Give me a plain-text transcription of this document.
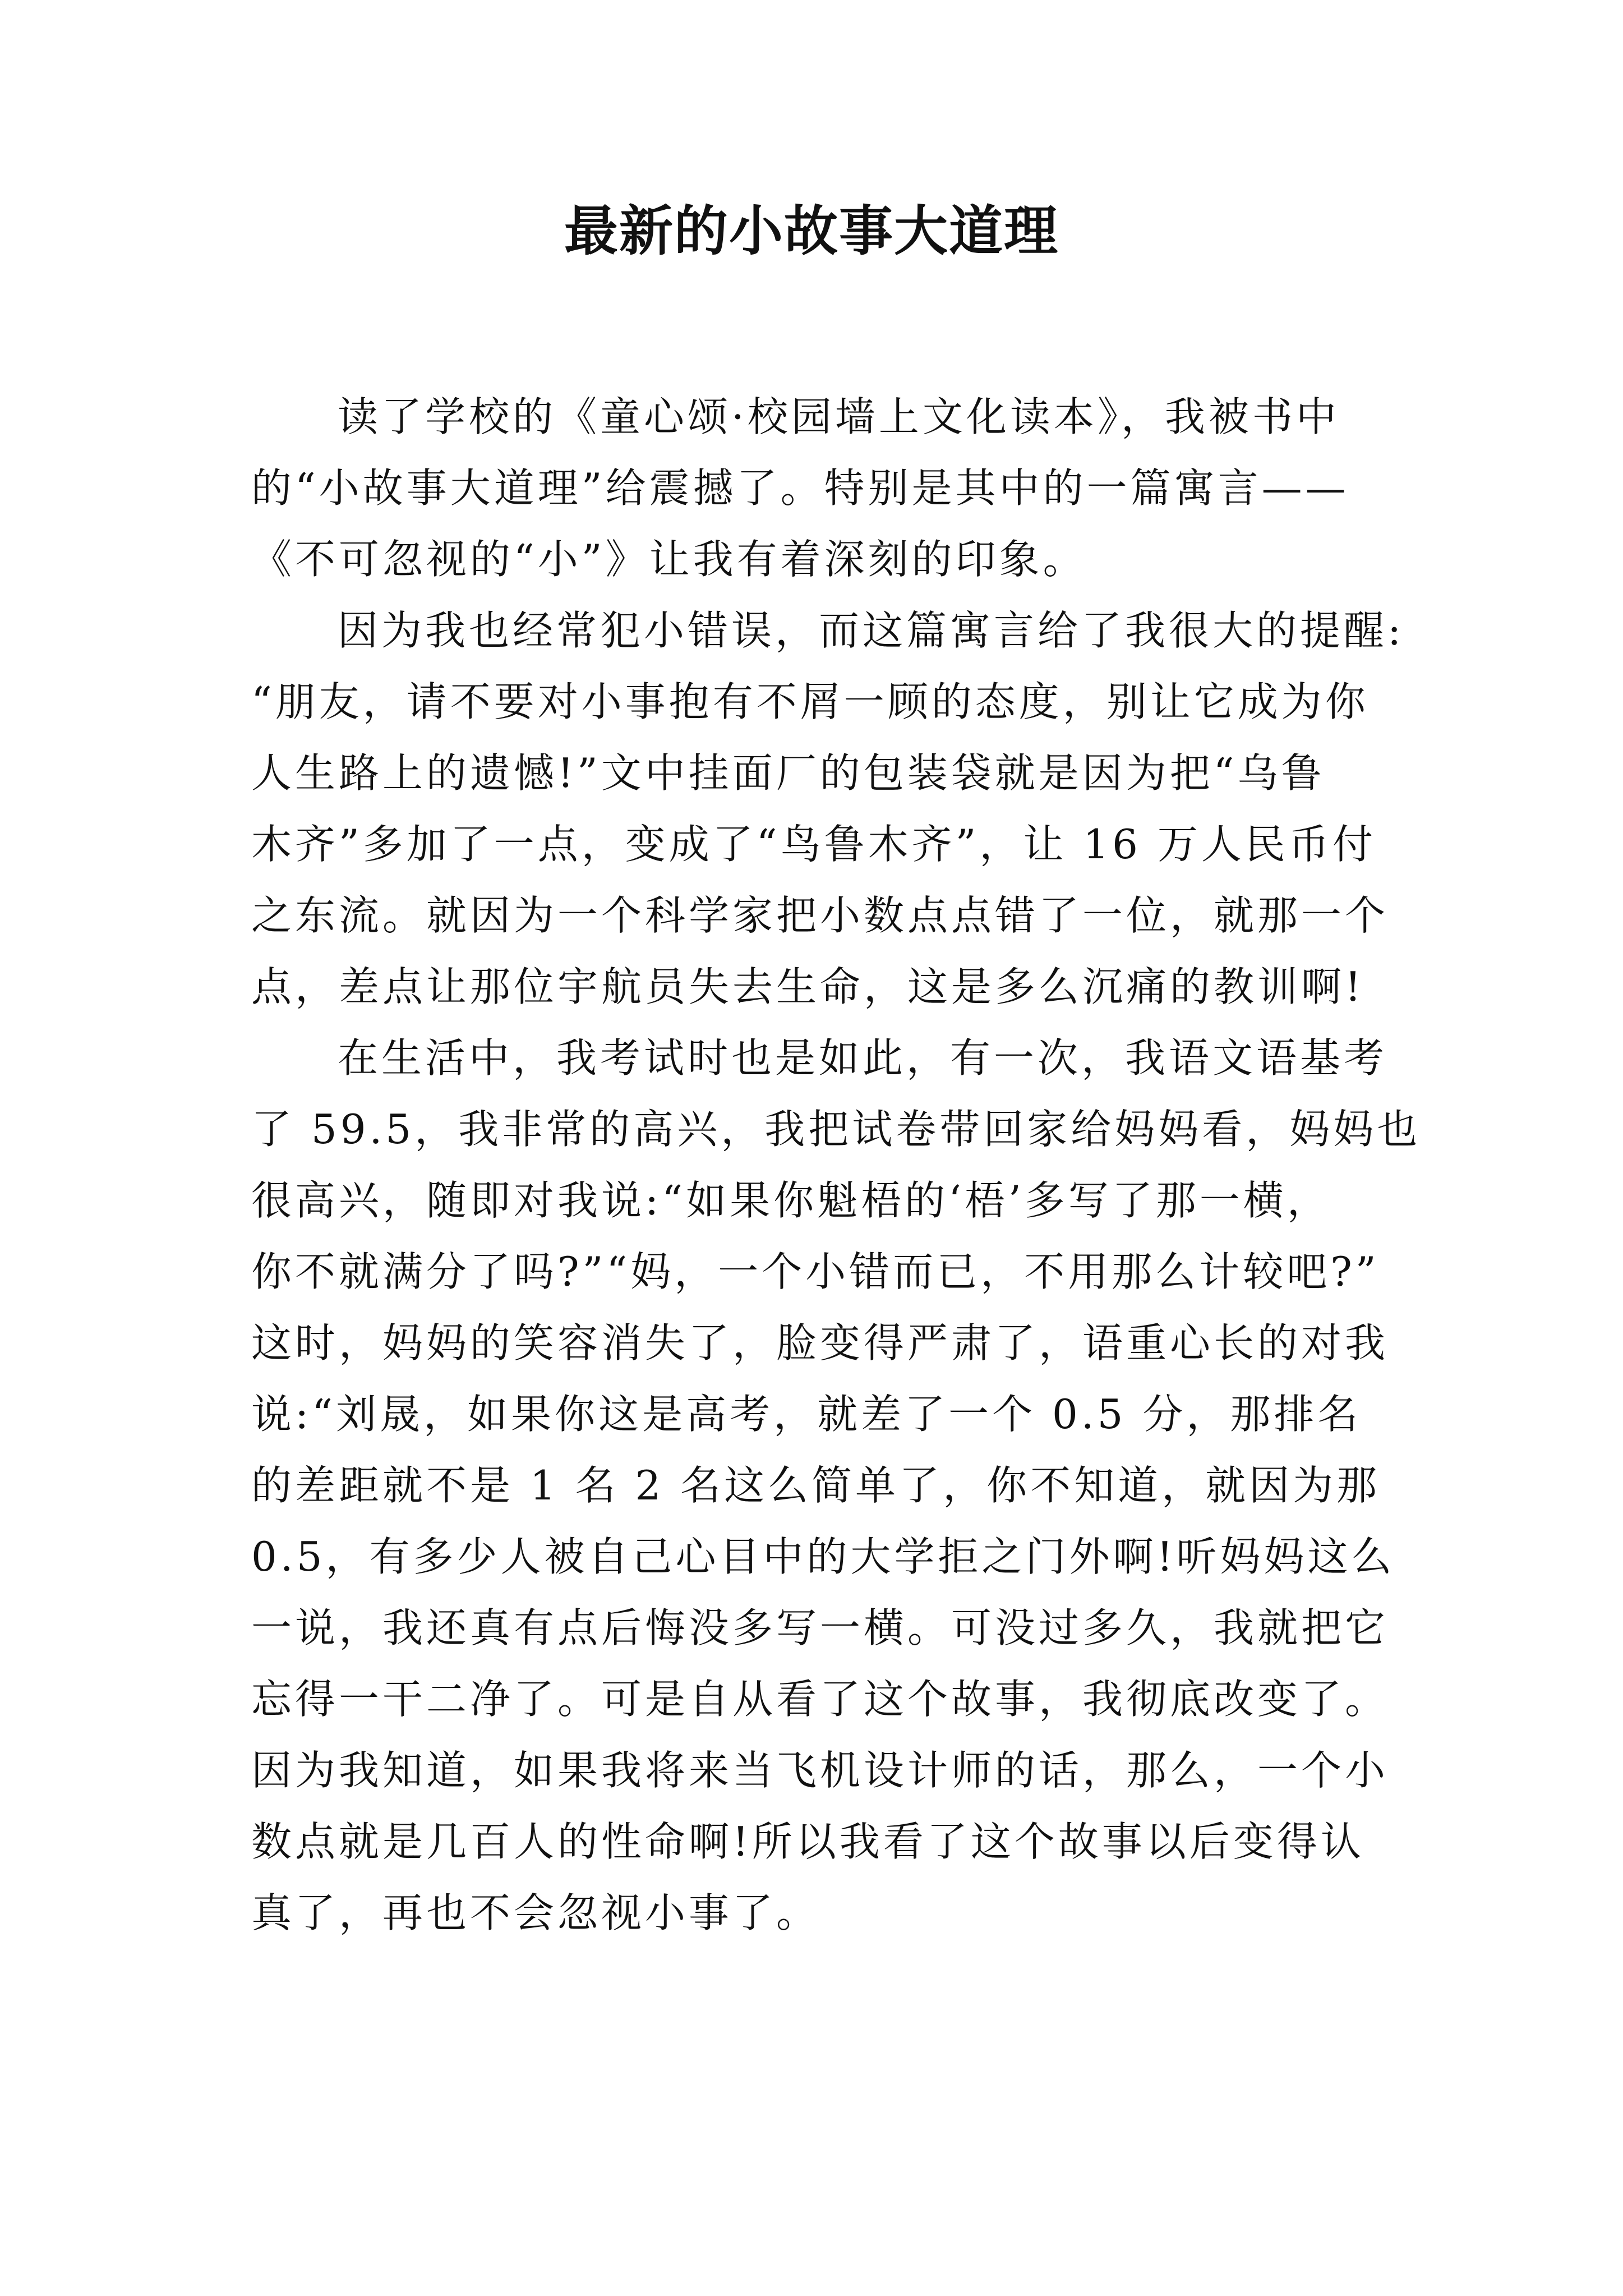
最新的小故事大道理
读了学校的《童心颂·校园墙上文化读本》，我被书中
的“小故事大道理”给震撼了。特别是其中的一篇寓言——
《不可忽视的“小”》让我有着深刻的印象。
因为我也经常犯小错误，而这篇寓言给了我很大的提醒:
“朋友，请不要对小事抱有不屑一顾的态度，别让它成为你
人生路上的遗憾!”文中挂面厂的包装袋就是因为把“乌鲁
木齐”多加了一点，变成了“鸟鲁木齐”，让 16 万人民币付
之东流。就因为一个科学家把小数点点错了一位，就那一个
点，差点让那位宇航员失去生命，这是多么沉痛的教训啊!
在生活中，我考试时也是如此，有一次，我语文语基考
了 59.5，我非常的高兴，我把试卷带回家给妈妈看，妈妈也
很高兴，随即对我说:“如果你魁梧的‘梧’多写了那一横，
你不就满分了吗?”“妈，一个小错而已，不用那么计较吧?”
这时，妈妈的笑容消失了，脸变得严肃了，语重心长的对我
说:“刘晟，如果你这是高考，就差了一个 0.5 分，那排名
的差距就不是 1 名 2 名这么简单了，你不知道，就因为那
0.5，有多少人被自己心目中的大学拒之门外啊!听妈妈这么
一说，我还真有点后悔没多写一横。可没过多久，我就把它
忘得一干二净了。可是自从看了这个故事，我彻底改变了。
因为我知道，如果我将来当飞机设计师的话，那么，一个小
数点就是几百人的性命啊!所以我看了这个故事以后变得认
真了，再也不会忽视小事了。
